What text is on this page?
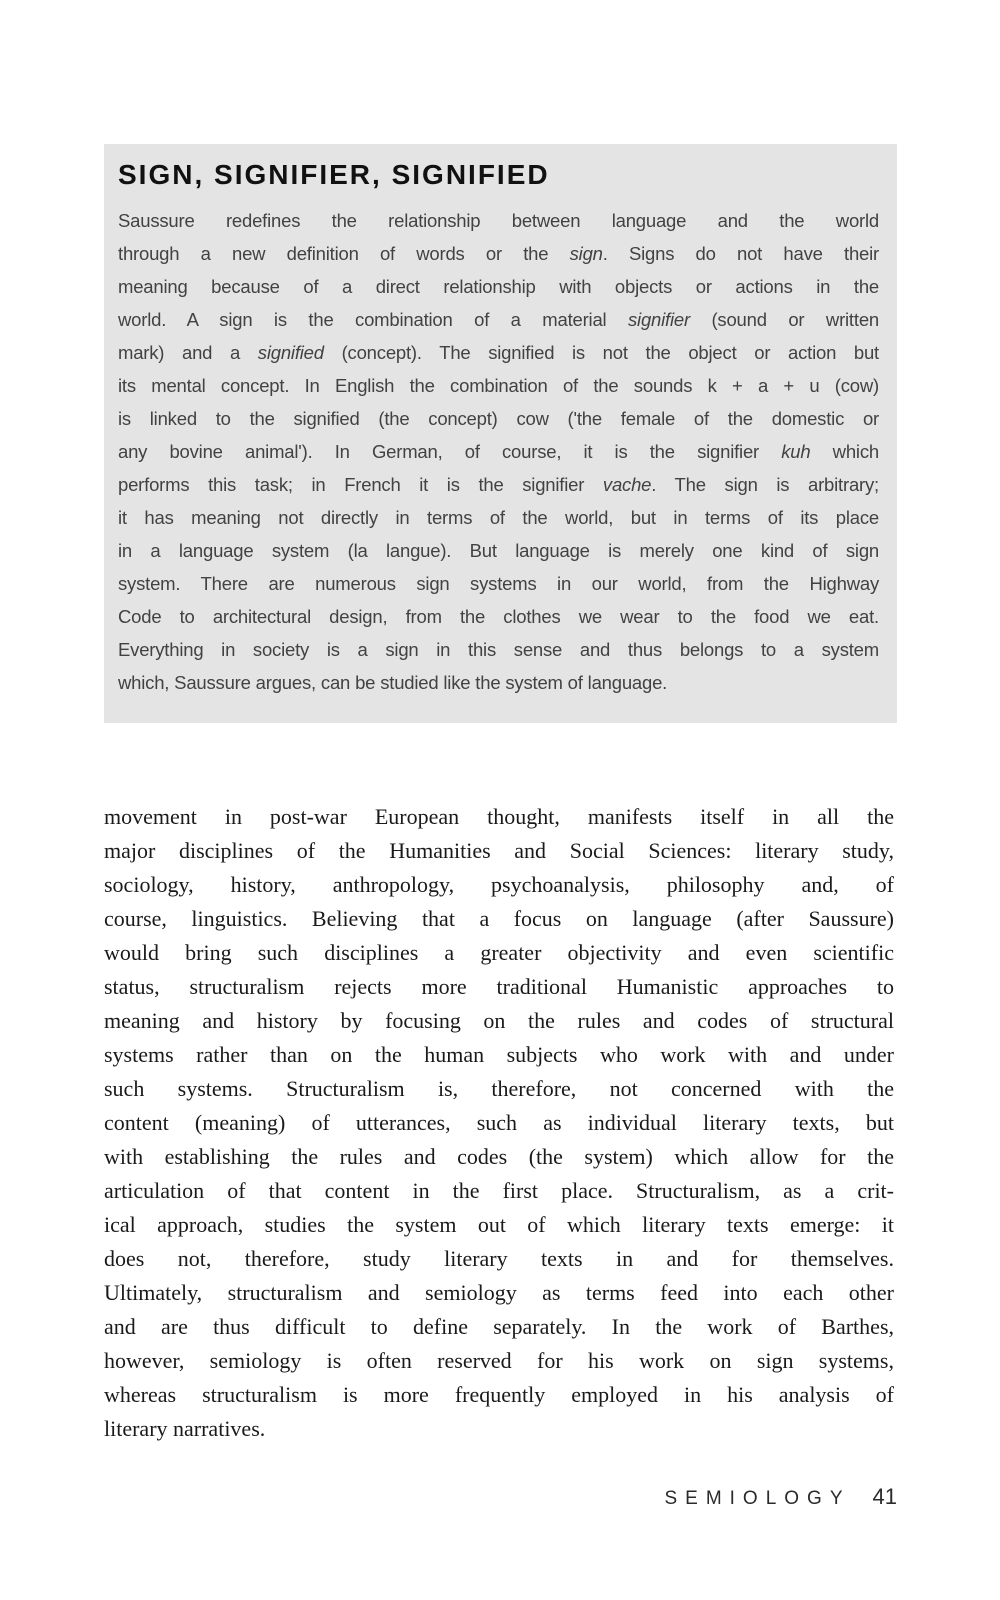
SIGN, SIGNIFIER, SIGNIFIED
Saussure redefines the relationship between language and the world
through a new definition of words or the sign. Signs do not have their
meaning because of a direct relationship with objects or actions in the
world. A sign is the combination of a material signifier (sound or written
mark) and a signified (concept). The signified is not the object or action but
its mental concept. In English the combination of the sounds k + a + u (cow)
is linked to the signified (the concept) cow ('the female of the domestic or
any bovine animal'). In German, of course, it is the signifier kuh which
performs this task; in French it is the signifier vache. The sign is arbitrary;
it has meaning not directly in terms of the world, but in terms of its place
in a language system (la langue). But language is merely one kind of sign
system. There are numerous sign systems in our world, from the Highway
Code to architectural design, from the clothes we wear to the food we eat.
Everything in society is a sign in this sense and thus belongs to a system
which, Saussure argues, can be studied like the system of language.
movement in post-war European thought, manifests itself in all the
major disciplines of the Humanities and Social Sciences: literary study,
sociology, history, anthropology, psychoanalysis, philosophy and, of
course, linguistics. Believing that a focus on language (after Saussure)
would bring such disciplines a greater objectivity and even scientific
status, structuralism rejects more traditional Humanistic approaches to
meaning and history by focusing on the rules and codes of structural
systems rather than on the human subjects who work with and under
such systems. Structuralism is, therefore, not concerned with the
content (meaning) of utterances, such as individual literary texts, but
with establishing the rules and codes (the system) which allow for the
articulation of that content in the first place. Structuralism, as a crit-
ical approach, studies the system out of which literary texts emerge: it
does not, therefore, study literary texts in and for themselves.
Ultimately, structuralism and semiology as terms feed into each other
and are thus difficult to define separately. In the work of Barthes,
however, semiology is often reserved for his work on sign systems,
whereas structuralism is more frequently employed in his analysis of
literary narratives.
SEMIOLOGY 41
